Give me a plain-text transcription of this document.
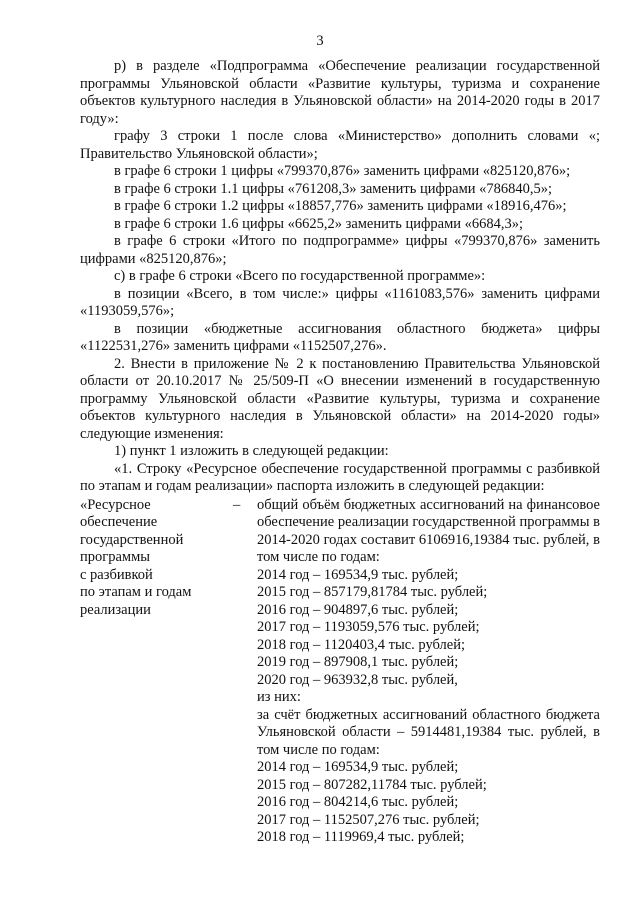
3

р) в разделе «Подпрограмма «Обеспечение реализации государственной программы Ульяновской области «Развитие культуры, туризма и сохранение объектов культурного наследия в Ульяновской области» на 2014-2020 годы в 2017 году»:

графу 3 строки 1 после слова «Министерство» дополнить словами «; Правительство Ульяновской области»;

в графе 6 строки 1 цифры «799370,876» заменить цифрами «825120,876»;

в графе 6 строки 1.1 цифры «761208,3» заменить цифрами «786840,5»;

в графе 6 строки 1.2 цифры «18857,776» заменить цифрами «18916,476»;

в графе 6 строки 1.6 цифры «6625,2» заменить цифрами «6684,3»;

в графе 6 строки «Итого по подпрограмме» цифры «799370,876» заменить цифрами «825120,876»;

с) в графе 6 строки «Всего по государственной программе»:

в позиции «Всего, в том числе:» цифры «1161083,576» заменить цифрами «1193059,576»;

в позиции «бюджетные ассигнования областного бюджета» цифры «1122531,276» заменить цифрами «1152507,276».

2. Внести в приложение № 2 к постановлению Правительства Ульяновской области от 20.10.2017 № 25/509-П «О внесении изменений в государственную программу Ульяновской области «Развитие культуры, туризма и сохранение объектов культурного наследия в Ульяновской области» на 2014-2020 годы» следующие изменения:

1) пункт 1 изложить в следующей редакции:

«1. Строку «Ресурсное обеспечение государственной программы с разбивкой по этапам и годам реализации» паспорта изложить в следующей редакции:

«Ресурсное
обеспечение
государственной
программы
с разбивкой
по этапам и годам
реализации
– общий объём бюджетных ассигнований на финансовое обеспечение реализации государственной программы в 2014-2020 годах составит 6106916,19384 тыс. рублей, в том числе по годам:

2014 год – 169534,9 тыс. рублей;
2015 год – 857179,81784 тыс. рублей;
2016 год – 904897,6 тыс. рублей;
2017 год – 1193059,576 тыс. рублей;
2018 год – 1120403,4 тыс. рублей;
2019 год – 897908,1 тыс. рублей;
2020 год – 963932,8 тыс. рублей,
из них:

за счёт бюджетных ассигнований областного бюджета Ульяновской области – 5914481,19384 тыс. рублей, в том числе по годам:

2014 год – 169534,9 тыс. рублей;
2015 год – 807282,11784 тыс. рублей;
2016 год – 804214,6 тыс. рублей;
2017 год – 1152507,276 тыс. рублей;
2018 год – 1119969,4 тыс. рублей;
